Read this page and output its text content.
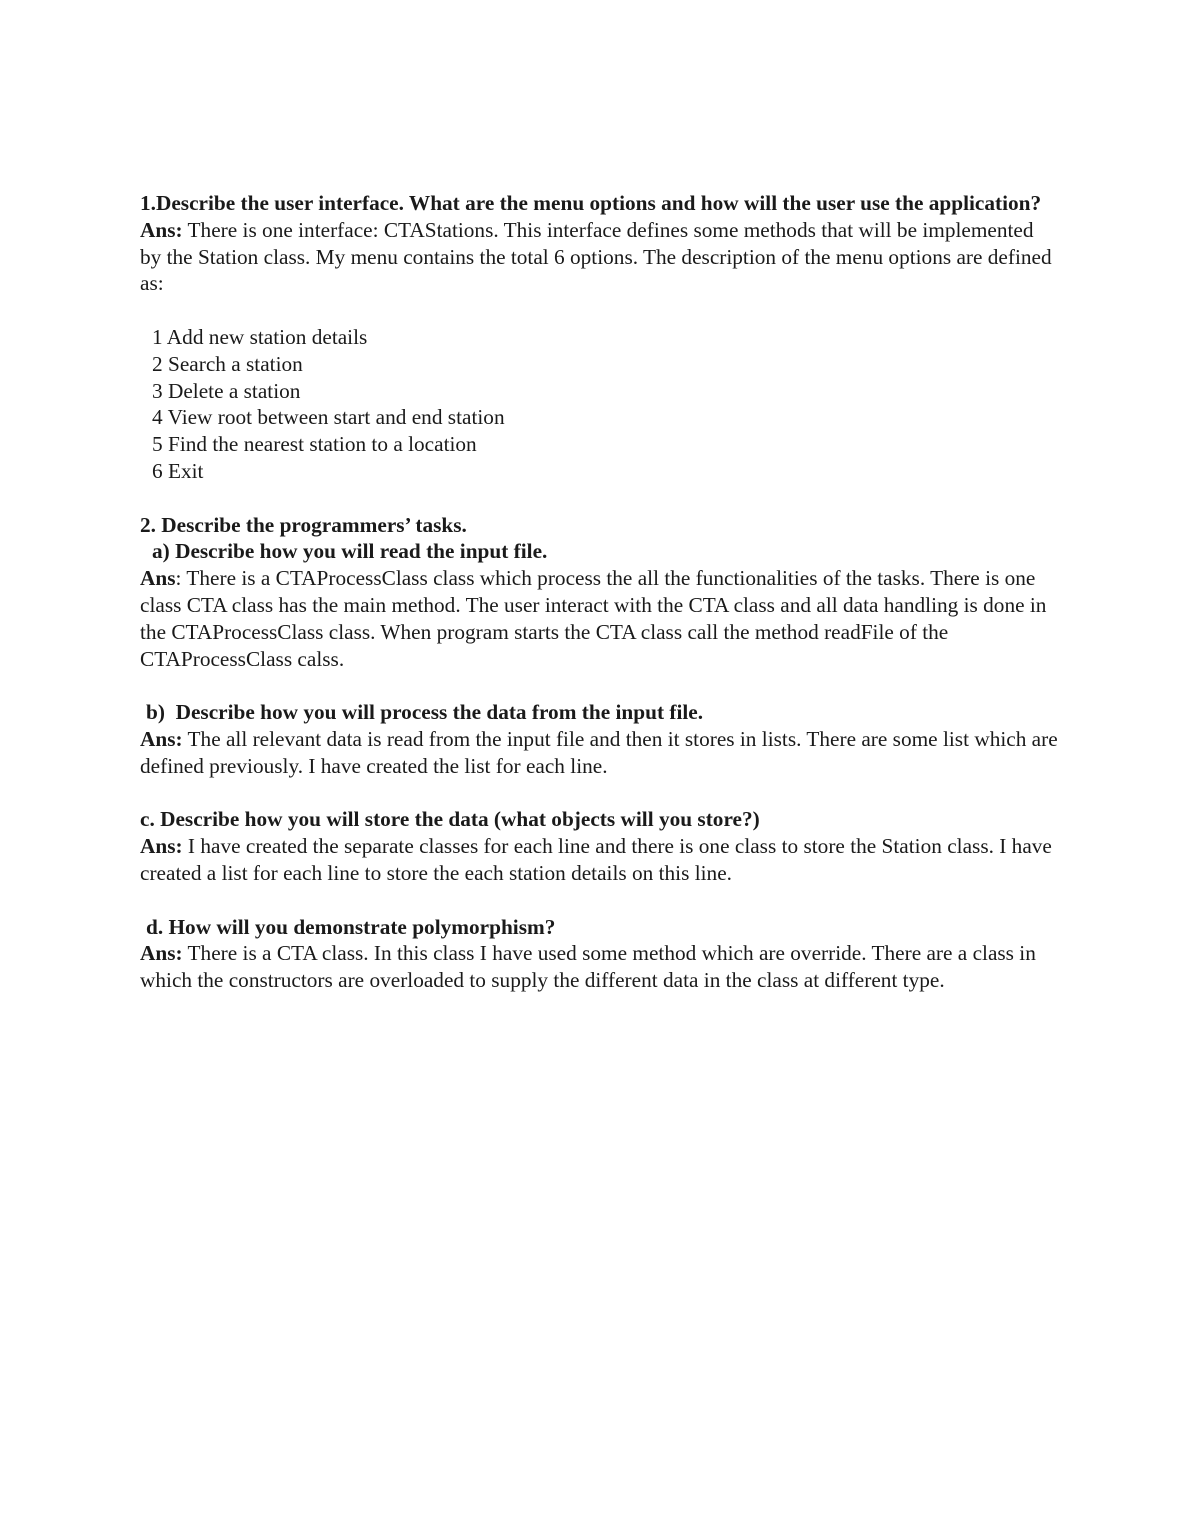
1.Describe the user interface. What are the menu options and how will the user use the application?

Ans: There is one interface: CTAStations. This interface defines some methods that will be implemented by the Station class. My menu contains the total 6 options. The description of the menu options are defined as:

1 Add new station details
2 Search a station
3 Delete a station
4 View root between start and end station
5 Find the nearest station to a location
6 Exit

2. Describe the programmers’ tasks.

a) Describe how you will read the input file.

Ans: There is a CTAProcessClass class which process the all the functionalities of the tasks. There is one class CTA class has the main method. The user interact with the CTA class and all data handling is done in the CTAProcessClass class. When program starts the CTA class call the method readFile of the CTAProcessClass calss.

b)  Describe how you will process the data from the input file.

Ans: The all relevant data is read from the input file and then it stores in lists. There are some list which are defined previously. I have created the list for each line.

c. Describe how you will store the data (what objects will you store?)

Ans: I have created the separate classes for each line and there is one class to store the Station class. I have created a list for each line to store the each station details on this line.

d. How will you demonstrate polymorphism?

Ans: There is a CTA class. In this class I have used some method which are override. There are a class in which the constructors are overloaded to supply the different data in the class at different type.
